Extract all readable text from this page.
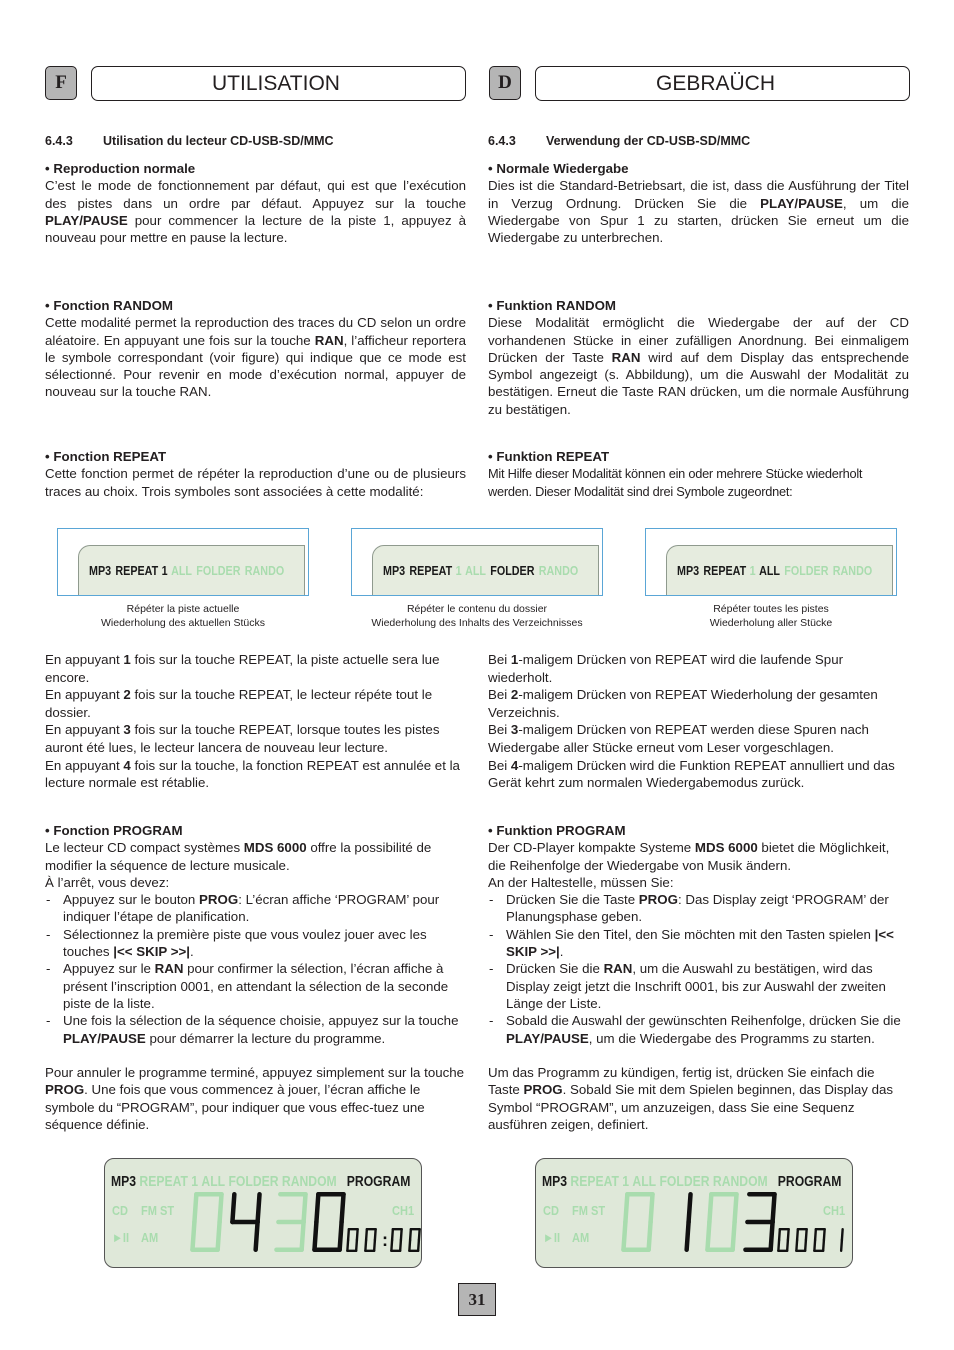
F	UTILISATION	D	GEBRAÜCH
6.4.3 Utilisation du lecteur CD-USB-SD/MMC
• Reproduction normale
C’est le mode de fonctionnement par défaut, qui est que l’exécution des pistes dans un ordre par défaut. Appuyez sur la touche PLAY/PAUSE pour commencer la lecture de la piste 1, appuyez à nouveau pour mettre en pause la lecture.
• Fonction RANDOM
Cette modalité permet la reproduction des traces du CD selon un ordre aléatoire. En appuyant une fois sur la touche RAN, l’afficheur reportera le symbole correspondant (voir figure) qui indique que ce mode est sélectionné. Pour revenir en mode d’exécution normal, appuyer de nouveau sur la touche RAN.
• Fonction REPEAT
Cette fonction permet de répéter la reproduction d’une ou de plusieurs traces au choix. Trois symboles sont associées à cette modalité:
En appuyant 1 fois sur la touche REPEAT, la piste actuelle sera lue encore.
En appuyant 2 fois sur la touche REPEAT, le lecteur répéte tout le dossier.
En appuyant 3 fois sur la touche REPEAT, lorsque toutes les pistes auront été lues, le lecteur lancera de nouveau leur lecture.
En appuyant 4 fois sur la touche, la fonction REPEAT est annulée et la lecture normale est rétablie.
• Fonction PROGRAM
Le lecteur CD compact systèmes MDS 6000 offre la possibilité de modifier la séquence de lecture musicale.
À l’arrêt, vous devez:
- Appuyez sur le bouton PROG: L’écran affiche ‘PROGRAM’ pour indiquer l’étape de planification.
- Sélectionnez la première piste que vous voulez jouer avec les touches |<< SKIP >>|.
- Appuyez sur le RAN pour confirmer la sélection, l’écran affiche à présent l’inscription 0001, en attendant la sélection de la seconde piste de la liste.
- Une fois la sélection de la séquence choisie, appuyez sur la touche PLAY/PAUSE pour démarrer la lecture du programme.
Pour annuler le programme terminé, appuyez simplement sur la touche PROG. Une fois que vous commencez à jouer, l’écran affiche le symbole du “PROGRAM”, pour indiquer que vous effec-tuez une séquence définie.
6.4.3 Verwendung der CD-USB-SD/MMC
• Normale Wiedergabe
Dies ist die Standard-Betriebsart, die ist, dass die Ausführung der Titel in Verzug Ordnung. Drücken Sie die PLAY/PAUSE, um die Wiedergabe von Spur 1 zu starten, drücken Sie erneut um die Wiedergabe zu unterbrechen.
• Funktion RANDOM
Diese Modalität ermöglicht die Wiedergabe der auf der CD vorhandenen Stücke in einer zufälligen Anordnung. Bei einmaligem Drücken der Taste RAN wird auf dem Display das entsprechende Symbol angezeigt (s. Abbildung), um die Auswahl der Modalität zu bestätigen. Erneut die Taste RAN drücken, um die normale Ausführung zu bestätigen.
• Funktion REPEAT
Mit Hilfe dieser Modalität können ein oder mehrere Stücke wiederholt werden. Dieser Modalität sind drei Symbole zugeordnet:
Bei 1-maligem Drücken von REPEAT wird die laufende Spur wiederholt.
Bei 2-maligem Drücken von REPEAT Wiederholung der gesamten Verzeichnis.
Bei 3-maligem Drücken von REPEAT werden diese Spuren nach Wiedergabe aller Stücke erneut vom Leser vorgeschlagen.
Bei 4-maligem Drücken wird die Funktion REPEAT annulliert und das Gerät kehrt zum normalen Wiedergabemodus zurück.
• Funktion PROGRAM
Der CD-Player kompakte Systeme MDS 6000 bietet die Möglichkeit, die Reihenfolge der Wiedergabe von Musik ändern.
An der Haltestelle, müssen Sie:
- Drücken Sie die Taste PROG: Das Display zeigt ‘PROGRAM’ der Planungsphase geben.
- Wählen Sie den Titel, den Sie möchten mit den Tasten spielen |<< SKIP >>|.
- Drücken Sie die RAN, um die Auswahl zu bestätigen, wird das Display zeigt jetzt die Inschrift 0001, bis zur Auswahl der zweiten Länge der Liste.
- Sobald die Auswahl der gewünschten Reihenfolge, drücken Sie die PLAY/PAUSE, um die Wiedergabe des Programms zu starten.
Um das Programm zu kündigen, fertig ist, drücken Sie einfach die Taste PROG. Sobald Sie mit dem Spielen beginnen, das Display das Symbol “PROGRAM”, um anzuzeigen, dass Sie eine Sequenz ausführen zeigen, definiert.
MP3 REPEAT 1 ALL FOLDER RANDO	MP3 REPEAT 1 ALL FOLDER RANDO	MP3 REPEAT 1 ALL FOLDER RANDO
Répéter la piste actuelle
Wiederholung des aktuellen Stücks
Répéter le contenu du dossier
Wiederholung des Inhalts des Verzeichnisses
Répéter toutes les pistes
Wiederholung aller Stücke
MP3 REPEAT 1 ALL FOLDER RANDOM PROGRAM
CD FM ST
►II AM
CH1
:
MP3 REPEAT 1 ALL FOLDER RANDOM PROGRAM
CD FM ST
►II AM
CH1
31
